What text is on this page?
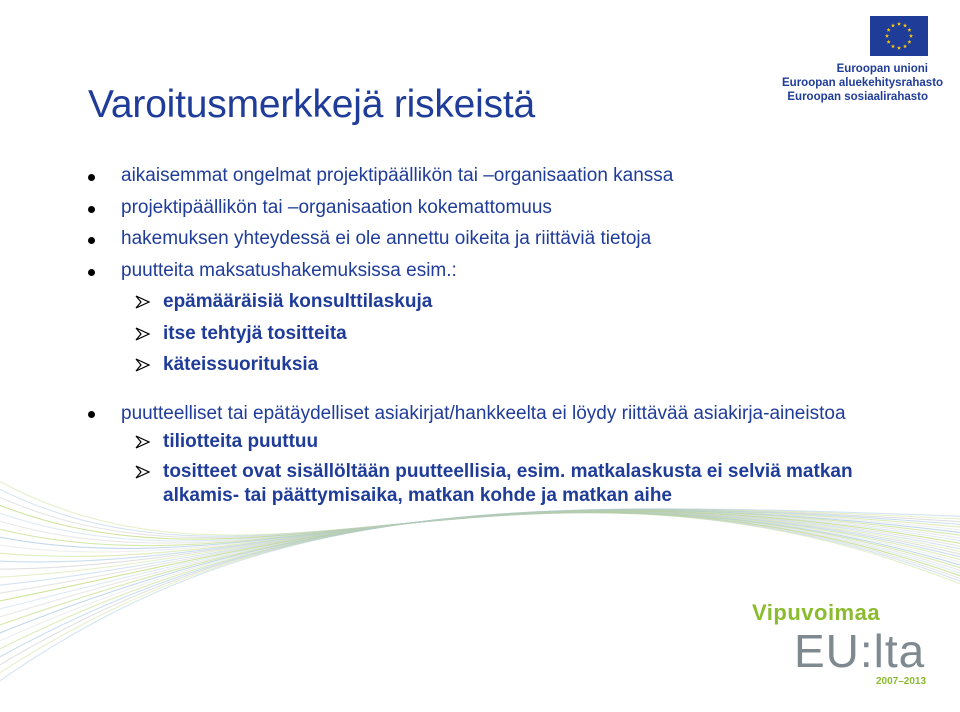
Euroopan unioni
Euroopan aluekehitysrahasto
Euroopan sosiaalirahasto
Varoitusmerkkejä riskeistä
aikaisemmat ongelmat projektipäällikön tai –organisaation kanssa
projektipäällikön tai –organisaation kokemattomuus
hakemuksen yhteydessä ei ole annettu oikeita ja riittäviä tietoja
puutteita maksatushakemuksissa esim.:
epämääräisiä konsulttilaskuja
itse tehtyjä tositteita
käteissuorituksia
puutteelliset tai epätäydelliset asiakirjat/hankkeelta ei löydy riittävää asiakirja-aineistoa
tiliotteita puuttuu
tositteet ovat sisällöltään puutteellisia, esim. matkalaskusta ei selviä matkan alkamis- tai päättymisaika, matkan kohde ja matkan aihe
Vipuvoimaa
EU:lta
2007–2013
